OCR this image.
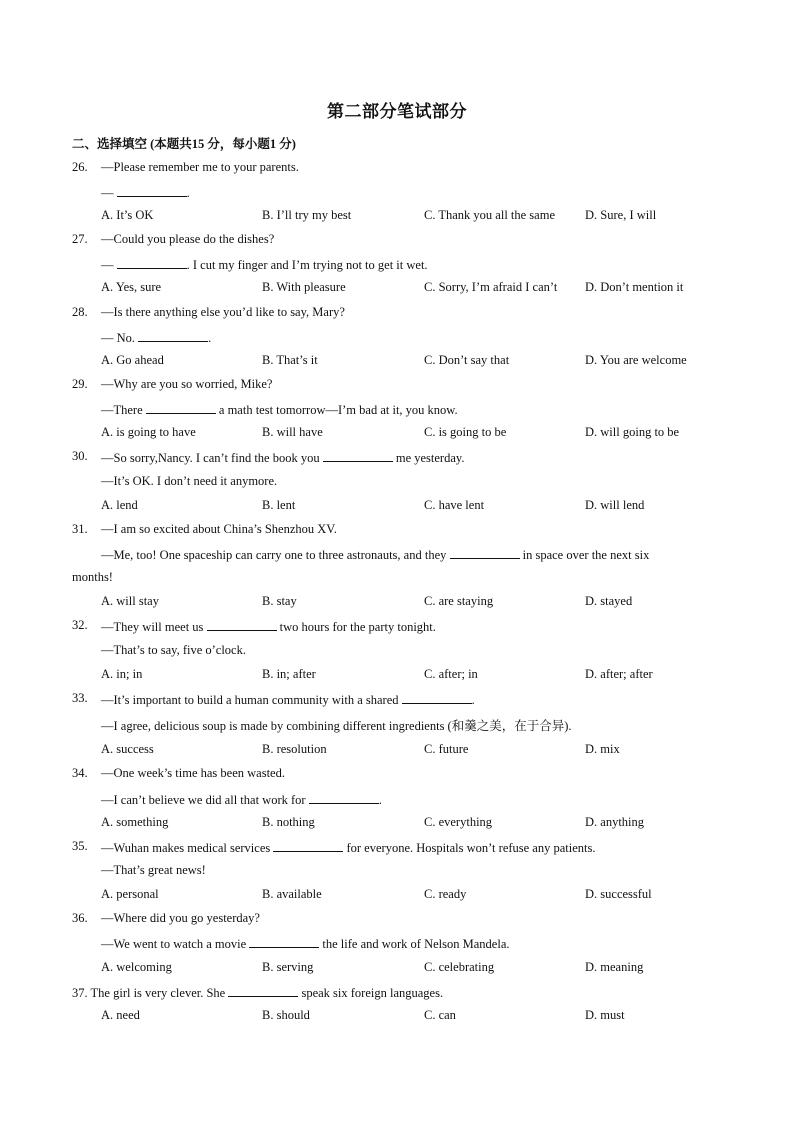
第二部分笔试部分
二、选择填空 (本题共15 分，每小题1 分)
26. —Please remember me to your parents.
—	.
A. It’s OK	B. I’ll try my best	C. Thank you all the same D. Sure, I will
27. —Could you please do the dishes?
—	. I cut my finger and I’m trying not to get it wet.
A. Yes, sure	B. With pleasure	C. Sorry, I’m afraid I can’t D. Don’t mention it
28. —Is there anything else you’d like to say, Mary?
— No.	.
A. Go ahead	B. That’s it	C. Don’t say that	D. You are welcome
29. —Why are you so worried, Mike?
—There	a math test tomorrow—I’m bad at it, you know.
A. is going to have	B. will have	C. is going to be	D. will going to be
30. —So sorry,Nancy. I can’t find the book you	me yesterday.
—It’s OK. I don’t need it anymore.
A. lend	B. lent	C. have lent	D. will lend
31. —I am so excited about China’s Shenzhou XV.
—Me, too! One spaceship can carry one to three astronauts, and they	in space over the next six
months!
A. will stay	B. stay	C. are staying	D. stayed
32. —They will meet us	two hours for the party tonight.
—That’s to say, five o’clock.
A. in; in	B. in; after	C. after; in	D. after; after
33. —It’s important to build a human community with a shared	.
—I agree, delicious soup is made by combining different ingredients (和羹之美，在于合异).
A. success	B. resolution	C. future	D. mix
34. —One week’s time has been wasted.
—I can’t believe we did all that work for	.
A. something	B. nothing	C. everything	D. anything
35. —Wuhan makes medical services	for everyone. Hospitals won’t refuse any patients.
—That’s great news!
A. personal	B. available	C. ready	D. successful
36. —Where did you go yesterday?
—We went to watch a movie	the life and work of Nelson Mandela.
A. welcoming	B. serving	C. celebrating	D. meaning
37. The girl is very clever. She	speak six foreign languages.
A. need	B. should	C. can	D. must
